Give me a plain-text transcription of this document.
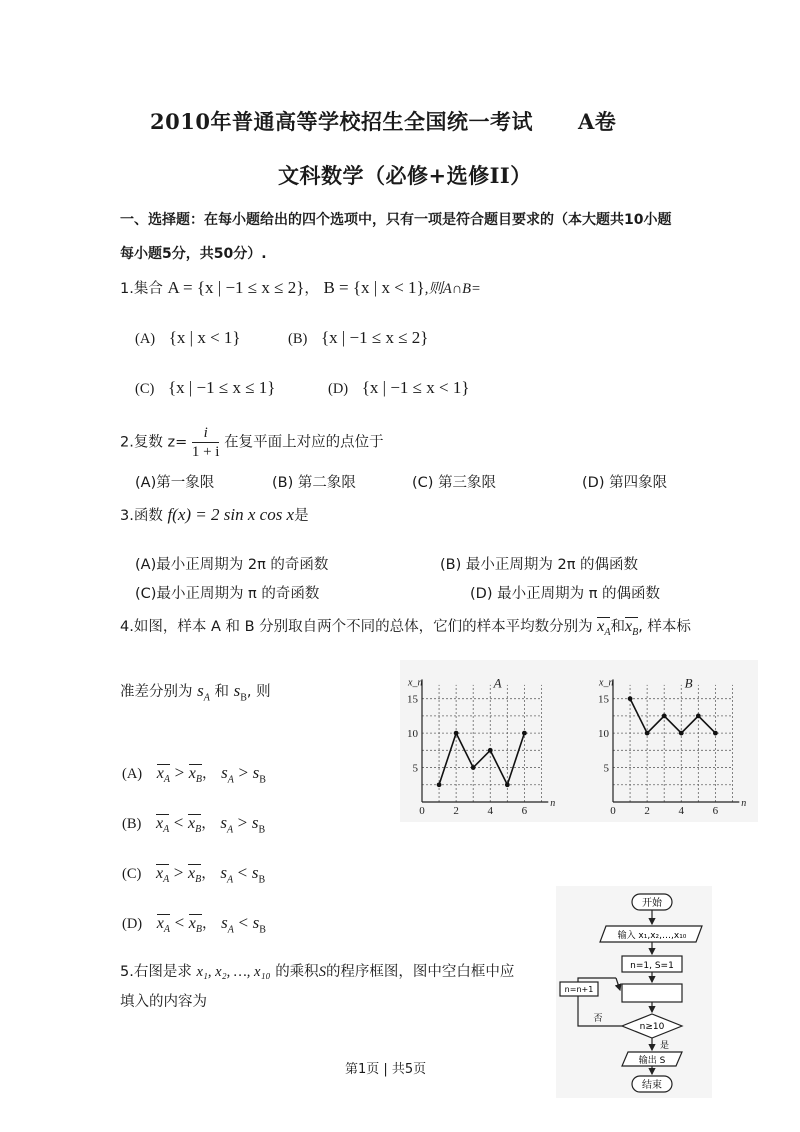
2010年普通高等学校招生全国统一考试 A卷
文科数学（必修+选修II）
一、选择题：在每小题给出的四个选项中，只有一项是符合题目要求的（本大题共10小题
每小题5分，共50分）.
1.集合 A = {x | −1 ≤ x ≤ 2}， B = {x | x < 1},则A∩B=
(A) {x | x < 1}	(B) {x | −1 ≤ x ≤ 2}
(C) {x | −1 ≤ x ≤ 1}	(D) {x | −1 ≤ x < 1}
2.复数 $z= \frac{i}{1 + i}$ 在复平面上对应的点位于
(A)第一象限	(B) 第二象限	(C) 第三象限	(D) 第四象限
3.函数 f(x) = 2 sin x cos x是
(A)最小正周期为 2π 的奇函数	(B) 最小正周期为 2π 的偶函数
(C)最小正周期为 π 的奇函数	(D) 最小正周期为 π 的偶函数
4.如图，样本 A 和 B 分别取自两个不同的总体，它们的样本平均数分别为 $x_A$和$x_B$, 样本标
准差分别为 $s_A$ 和 $s_B$, 则
(A) $x_A > x_B$， $s_A > s_B$
(B) $x_A < x_B$， $s_A > s_B$
(C) $x_A > x_B$， $s_A < s_B$
(D) $x_A < x_B$， $s_A < s_B$
0	2	4	6
5
10
15
n
x_n	A
0	2	4	6
5
10
15
n
x_n	B
5.右图是求 x₁, x₂, …, x₁₀ 的乘积S的程序框图，图中空白框中应
填入的内容为
开始
输入 x₁,x₂,…,x₁₀
n=1, S=1
n≥10
否
n=n+1
是
输出 S
结束
第1页 | 共5页
